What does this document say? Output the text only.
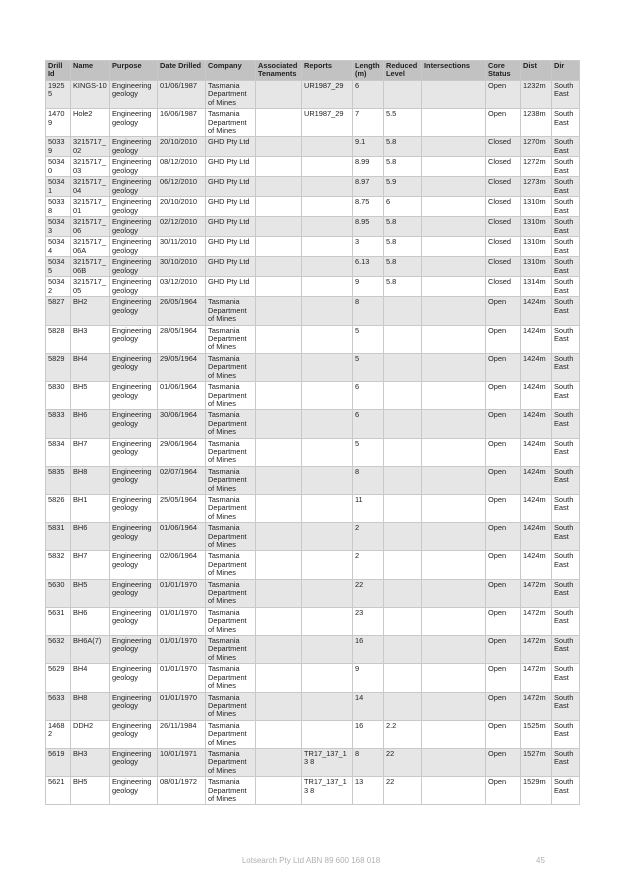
Drill Id	Name	Purpose	Date Drilled	Company	Associated Tenaments	Reports	Length (m)	Reduced Level	Intersections	Core Status	Dist	Dir
19255	KINGS-10	Engineering geology	01/06/1987	Tasmania Department of Mines		UR1987_29	6			Open	1232m	South East
14709	Hole2	Engineering geology	16/06/1987	Tasmania Department of Mines		UR1987_29	7	5.5		Open	1238m	South East
50339	3215717_ 02	Engineering geology	20/10/2010	GHD Pty Ltd			9.1	5.8		Closed	1270m	South East
50340	3215717_ 03	Engineering geology	08/12/2010	GHD Pty Ltd			8.99	5.8		Closed	1272m	South East
50341	3215717_ 04	Engineering geology	06/12/2010	GHD Pty Ltd			8.97	5.9		Closed	1273m	South East
50338	3215717_ 01	Engineering geology	20/10/2010	GHD Pty Ltd			8.75	6		Closed	1310m	South East
50343	3215717_ 06	Engineering geology	02/12/2010	GHD Pty Ltd			8.95	5.8		Closed	1310m	South East
50344	3215717_ 06A	Engineering geology	30/11/2010	GHD Pty Ltd			3	5.8		Closed	1310m	South East
50345	3215717_ 06B	Engineering geology	30/10/2010	GHD Pty Ltd			6.13	5.8		Closed	1310m	South East
50342	3215717_ 05	Engineering geology	03/12/2010	GHD Pty Ltd			9	5.8		Closed	1314m	South East
5827	BH2	Engineering geology	26/05/1964	Tasmania Department of Mines			8			Open	1424m	South East
5828	BH3	Engineering geology	28/05/1964	Tasmania Department of Mines			5			Open	1424m	South East
5829	BH4	Engineering geology	29/05/1964	Tasmania Department of Mines			5			Open	1424m	South East
5830	BH5	Engineering geology	01/06/1964	Tasmania Department of Mines			6			Open	1424m	South East
5833	BH6	Engineering geology	30/06/1964	Tasmania Department of Mines			6			Open	1424m	South East
5834	BH7	Engineering geology	29/06/1964	Tasmania Department of Mines			5			Open	1424m	South East
5835	BH8	Engineering geology	02/07/1964	Tasmania Department of Mines			8			Open	1424m	South East
5826	BH1	Engineering geology	25/05/1964	Tasmania Department of Mines			11			Open	1424m	South East
5831	BH6	Engineering geology	01/06/1964	Tasmania Department of Mines			2			Open	1424m	South East
5832	BH7	Engineering geology	02/06/1964	Tasmania Department of Mines			2			Open	1424m	South East
5630	BH5	Engineering geology	01/01/1970	Tasmania Department of Mines			22			Open	1472m	South East
5631	BH6	Engineering geology	01/01/1970	Tasmania Department of Mines			23			Open	1472m	South East
5632	BH6A(7)	Engineering geology	01/01/1970	Tasmania Department of Mines			16			Open	1472m	South East
5629	BH4	Engineering geology	01/01/1970	Tasmania Department of Mines			9			Open	1472m	South East
5633	BH8	Engineering geology	01/01/1970	Tasmania Department of Mines			14			Open	1472m	South East
14682	DDH2	Engineering geology	26/11/1984	Tasmania Department of Mines			16	2.2		Open	1525m	South East
5619	BH3	Engineering geology	10/01/1971	Tasmania Department of Mines		TR17_137_13 8	8	22		Open	1527m	South East
5621	BH5	Engineering geology	08/01/1972	Tasmania Department of Mines		TR17_137_13 8	13	22		Open	1529m	South East
Lotsearch Pty Ltd ABN 89 600 168 018	45
